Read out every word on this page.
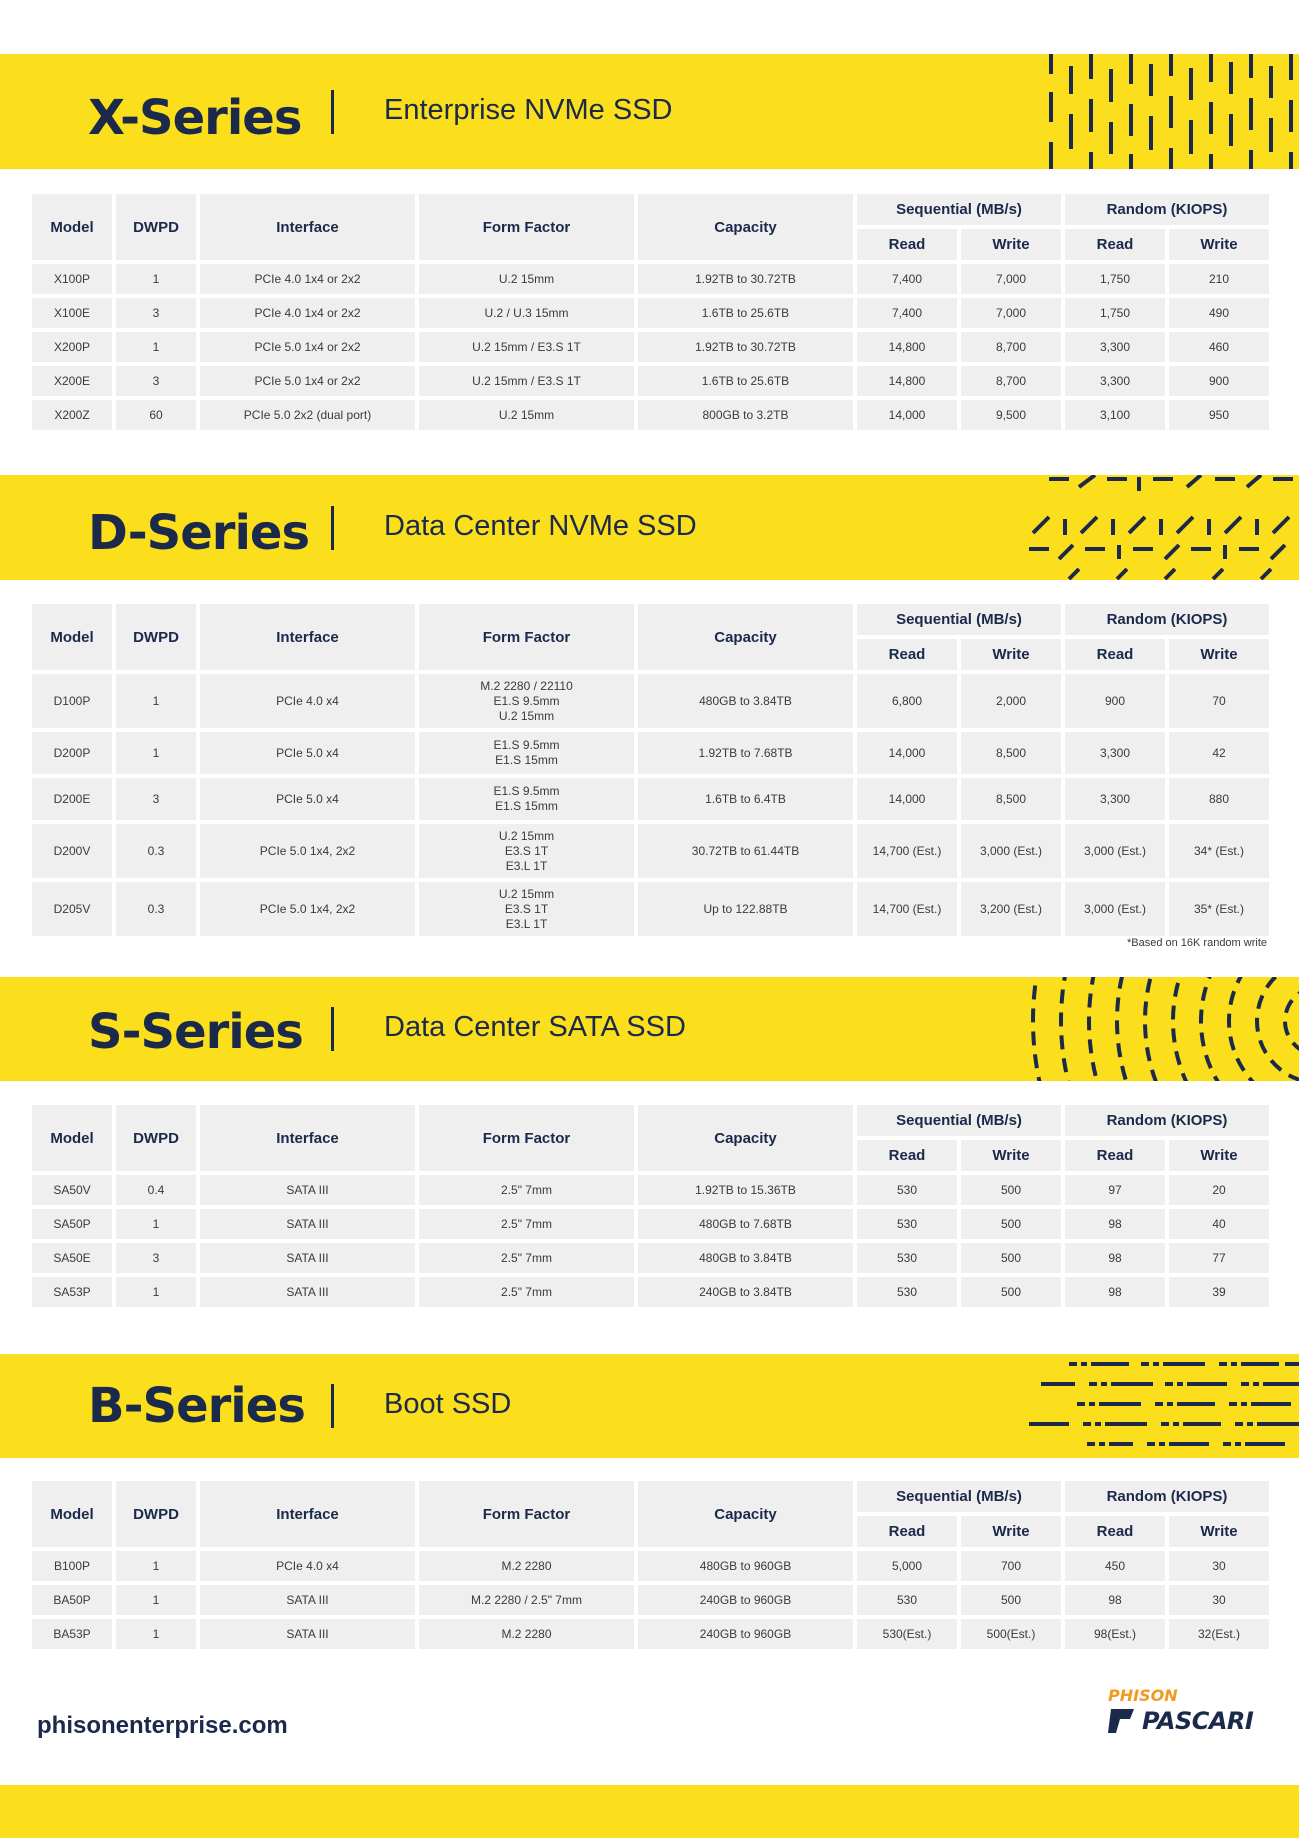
X-Series	Enterprise NVMe SSD
Model	DWPD	Interface	Form Factor	Capacity	Sequential (MB/s)		Random (KIOPS)	
					Read	Write	Read	Write
X100P	1	PCIe 4.0 1x4 or 2x2	U.2 15mm	1.92TB to 30.72TB	7,400	7,000	1,750	210
X100E	3	PCIe 4.0 1x4 or 2x2	U.2 / U.3 15mm	1.6TB to 25.6TB	7,400	7,000	1,750	490
X200P	1	PCIe 5.0 1x4 or 2x2	U.2 15mm / E3.S 1T	1.92TB to 30.72TB	14,800	8,700	3,300	460
X200E	3	PCIe 5.0 1x4 or 2x2	U.2 15mm / E3.S 1T	1.6TB to 25.6TB	14,800	8,700	3,300	900
X200Z	60	PCIe 5.0 2x2 (dual port)	U.2 15mm	800GB to 3.2TB	14,000	9,500	3,100	950
D-Series	Data Center NVMe SSD
Model	DWPD	Interface	Form Factor	Capacity	Sequential (MB/s)		Random (KIOPS)	
					Read	Write	Read	Write
D100P	1	PCIe 4.0 x4	M.2 2280 / 22110
E1.S 9.5mm
U.2 15mm	480GB to 3.84TB	6,800	2,000	900	70
D200P	1	PCIe 5.0 x4	E1.S 9.5mm
E1.S 15mm	1.92TB to 7.68TB	14,000	8,500	3,300	42
D200E	3	PCIe 5.0 x4	E1.S 9.5mm
E1.S 15mm	1.6TB to 6.4TB	14,000	8,500	3,300	880
D200V	0.3	PCIe 5.0 1x4, 2x2	U.2 15mm
E3.S 1T
E3.L 1T	30.72TB to 61.44TB	14,700 (Est.)	3,000 (Est.)	3,000 (Est.)	34* (Est.)
D205V	0.3	PCIe 5.0 1x4, 2x2	U.2 15mm
E3.S 1T
E3.L 1T	Up to 122.88TB	14,700 (Est.)	3,200 (Est.)	3,000 (Est.)	35* (Est.)
*Based on 16K random write
S-Series	Data Center SATA SSD
Model	DWPD	Interface	Form Factor	Capacity	Sequential (MB/s)		Random (KIOPS)	
					Read	Write	Read	Write
SA50V	0.4	SATA III	2.5" 7mm	1.92TB to 15.36TB	530	500	97	20
SA50P	1	SATA III	2.5" 7mm	480GB to 7.68TB	530	500	98	40
SA50E	3	SATA III	2.5" 7mm	480GB to 3.84TB	530	500	98	77
SA53P	1	SATA III	2.5" 7mm	240GB to 3.84TB	530	500	98	39
B-Series	Boot SSD
Model	DWPD	Interface	Form Factor	Capacity	Sequential (MB/s)		Random (KIOPS)	
					Read	Write	Read	Write
B100P	1	PCIe 4.0 x4	M.2 2280	480GB to 960GB	5,000	700	450	30
BA50P	1	SATA III	M.2 2280 / 2.5" 7mm	240GB to 960GB	530	500	98	30
BA53P	1	SATA III	M.2 2280	240GB to 960GB	530(Est.)	500(Est.)	98(Est.)	32(Est.)
phisonenterprise.com
PHISON
PASCARI
